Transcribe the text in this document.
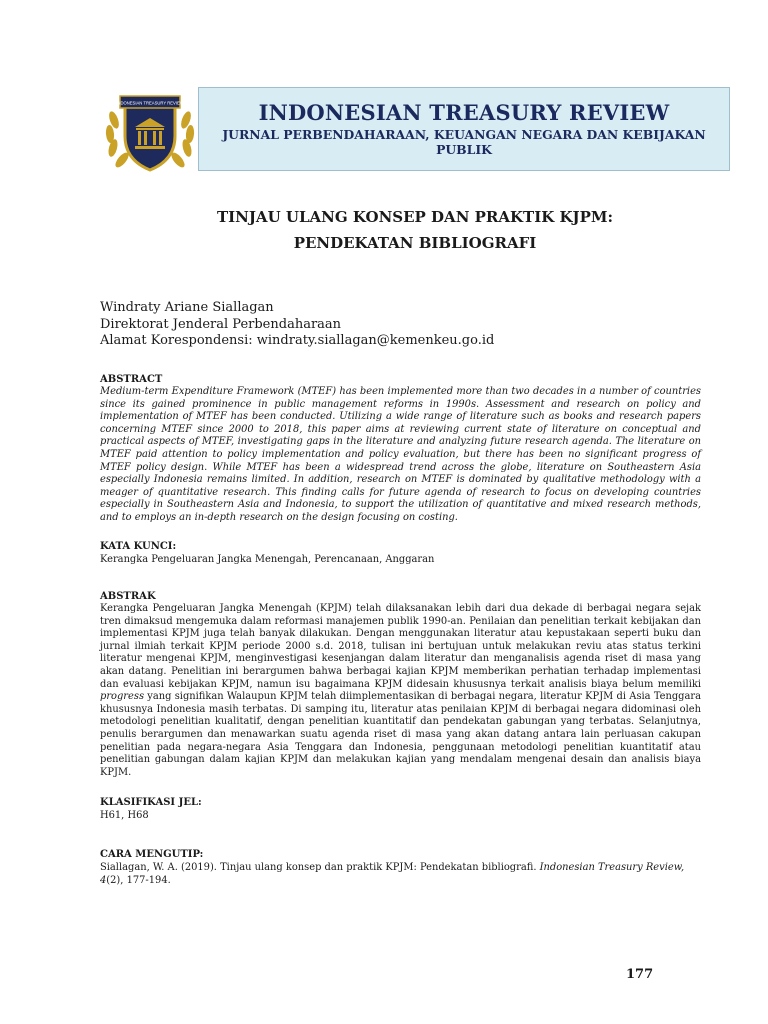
INDONESIAN TREASURY REVIEW	INDONESIAN TREASURY REVIEW
JURNAL PERBENDAHARAAN, KEUANGAN NEGARA DAN KEBIJAKAN PUBLIK
TINJAU ULANG KONSEP DAN PRAKTIK KJPM:
PENDEKATAN BIBLIOGRAFI
Windraty Ariane Siallagan
Direktorat Jenderal Perbendaharaan
Alamat Korespondensi: windraty.siallagan@kemenkeu.go.id
ABSTRACT
Medium-term Expenditure Framework (MTEF) has been implemented more than two decades in a number of countries since its gained prominence in public management reforms in 1990s. Assessment and research on policy and implementation of MTEF has been conducted. Utilizing a wide range of literature such as books and research papers concerning MTEF since 2000 to 2018, this paper aims at reviewing current state of literature on conceptual and practical aspects of MTEF, investigating gaps in the literature and analyzing future research agenda. The literature on MTEF paid attention to policy implementation and policy evaluation, but there has been no significant progress of MTEF policy design. While MTEF has been a widespread trend across the globe, literature on Southeastern Asia especially Indonesia remains limited. In addition, research on MTEF is dominated by qualitative methodology with a meager of quantitative research. This finding calls for future agenda of research to focus on developing countries especially in Southeastern Asia and Indonesia, to support the utilization of quantitative and mixed research methods, and to employs an in-depth research on the design focusing on costing.
KATA KUNCI:
Kerangka Pengeluaran Jangka Menengah, Perencanaan, Anggaran
ABSTRAK
Kerangka Pengeluaran Jangka Menengah (KPJM) telah dilaksanakan lebih dari dua dekade di berbagai negara sejak tren dimaksud mengemuka dalam reformasi manajemen publik 1990-an. Penilaian dan penelitian terkait kebijakan dan implementasi KPJM juga telah banyak dilakukan. Dengan menggunakan literatur atau kepustakaan seperti buku dan jurnal ilmiah terkait KPJM periode 2000 s.d. 2018, tulisan ini bertujuan untuk melakukan reviu atas status terkini literatur mengenai KPJM, menginvestigasi kesenjangan dalam literatur dan menganalisis agenda riset di masa yang akan datang. Penelitian ini berargumen bahwa berbagai kajian KPJM memberikan perhatian terhadap implementasi dan evaluasi kebijakan KPJM, namun isu bagaimana KPJM didesain khususnya terkait analisis biaya belum memiliki progress yang signifikan Walaupun KPJM telah diimplementasikan di berbagai negara, literatur KPJM di Asia Tenggara khususnya Indonesia masih terbatas. Di samping itu, literatur atas penilaian KPJM di berbagai negara didominasi oleh metodologi penelitian kualitatif, dengan penelitian kuantitatif dan pendekatan gabungan yang terbatas. Selanjutnya, penulis berargumen dan menawarkan suatu agenda riset di masa yang akan datang antara lain perluasan cakupan penelitian pada negara-negara Asia Tenggara dan Indonesia, penggunaan metodologi penelitian kuantitatif atau penelitian gabungan dalam kajian KPJM dan melakukan kajian yang mendalam mengenai desain dan analisis biaya KPJM.
KLASIFIKASI JEL:
H61, H68
CARA MENGUTIP:
Siallagan, W. A. (2019). Tinjau ulang konsep dan praktik KPJM: Pendekatan bibliografi. Indonesian Treasury Review, 4(2), 177-194.
177
